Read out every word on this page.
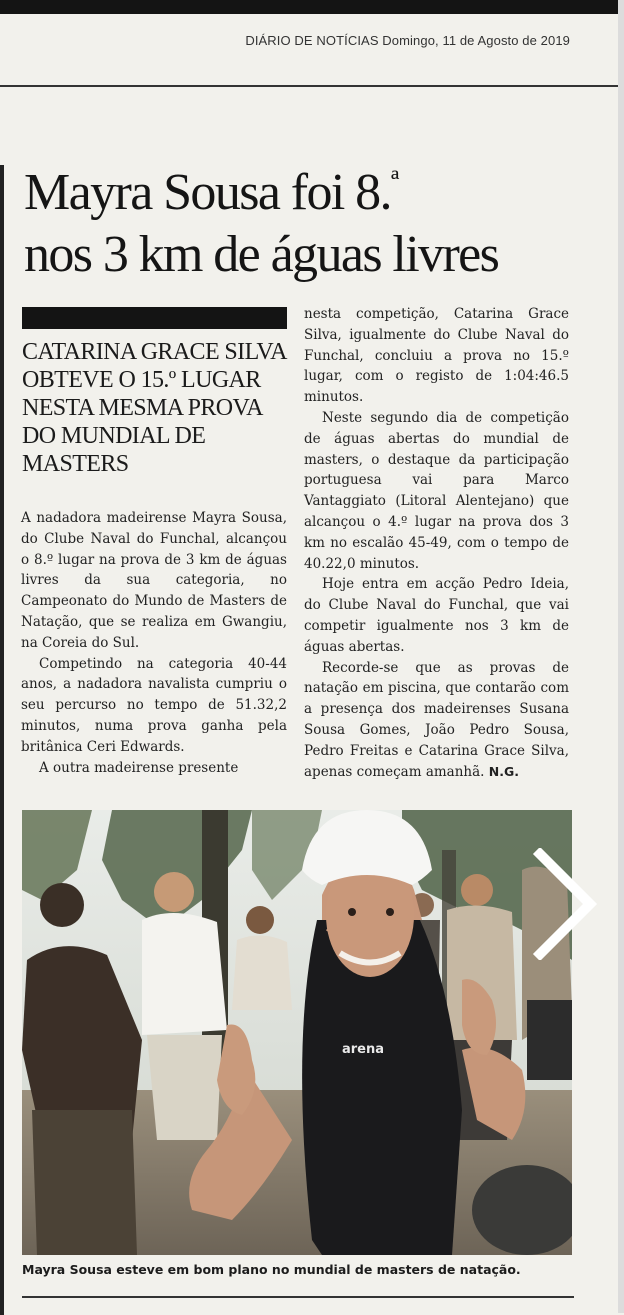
DIÁRIO DE NOTÍCIAS Domingo, 11 de Agosto de 2019
Mayra Sousa foi 8.$^ª$
nos 3 km de águas livres
CATARINA GRACE SILVA OBTEVE O 15.º LUGAR NESTA MESMA PROVA DO MUNDIAL DE MASTERS

A nadadora madeirense Mayra Sousa, do Clube Naval do Funchal, alcançou o 8.º lugar na prova de 3 km de águas livres da sua categoria, no Campeonato do Mundo de Masters de Natação, que se realiza em Gwangiu, na Coreia do Sul.

Competindo na categoria 40-44 anos, a nadadora navalista cumpriu o seu percurso no tempo de 51.32,2 minutos, numa prova ganha pela britânica Ceri Edwards.

A outra madeirense presente

nesta competição, Catarina Grace Silva, igualmente do Clube Naval do Funchal, concluiu a prova no 15.º lugar, com o registo de 1:04:46.5 minutos.

Neste segundo dia de competição de águas abertas do mundial de masters, o destaque da participação portuguesa vai para Marco Vantaggiato (Litoral Alentejano) que alcançou o 4.º lugar na prova dos 3 km no escalão 45-49, com o tempo de 40.22,0 minutos.

Hoje entra em acção Pedro Ideia, do Clube Naval do Funchal, que vai competir igualmente nos 3 km de águas abertas.

Recorde-se que as provas de natação em piscina, que contarão com a presença dos madeirenses Susana Sousa Gomes, João Pedro Sousa, Pedro Freitas e Catarina Grace Silva, apenas começam amanhã. N.G.

arena

Mayra Sousa esteve em bom plano no mundial de masters de natação.
